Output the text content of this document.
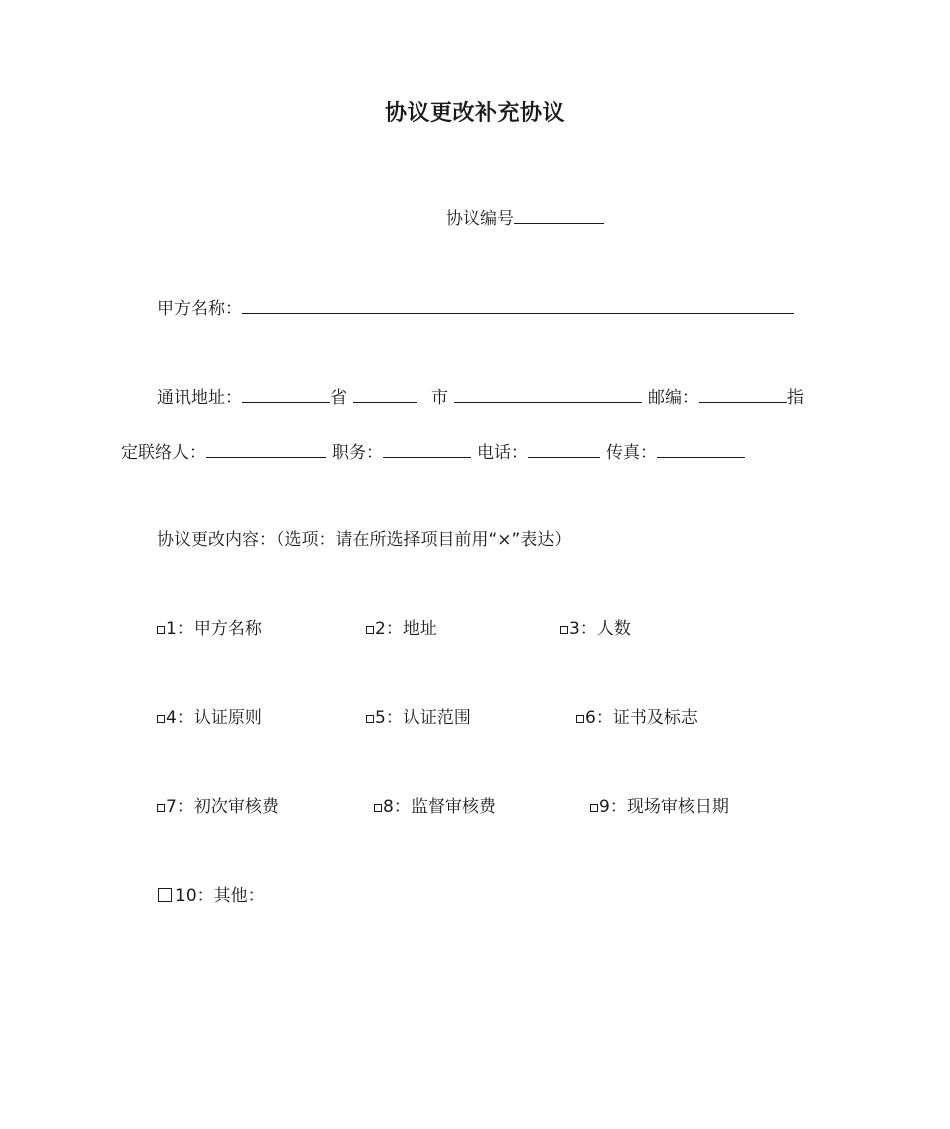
协议更改补充协议
协议编号
甲方名称：
通讯地址：	省	市	邮编：	指
定联络人：	职务：	电话：	传真：
协议更改内容：（选项：请在所选择项目前用“×”表达）
1：甲方名称	2：地址	3：人数
4：认证原则	5：认证范围	6：证书及标志
7：初次审核费	8：监督审核费	9：现场审核日期
10：其他：
